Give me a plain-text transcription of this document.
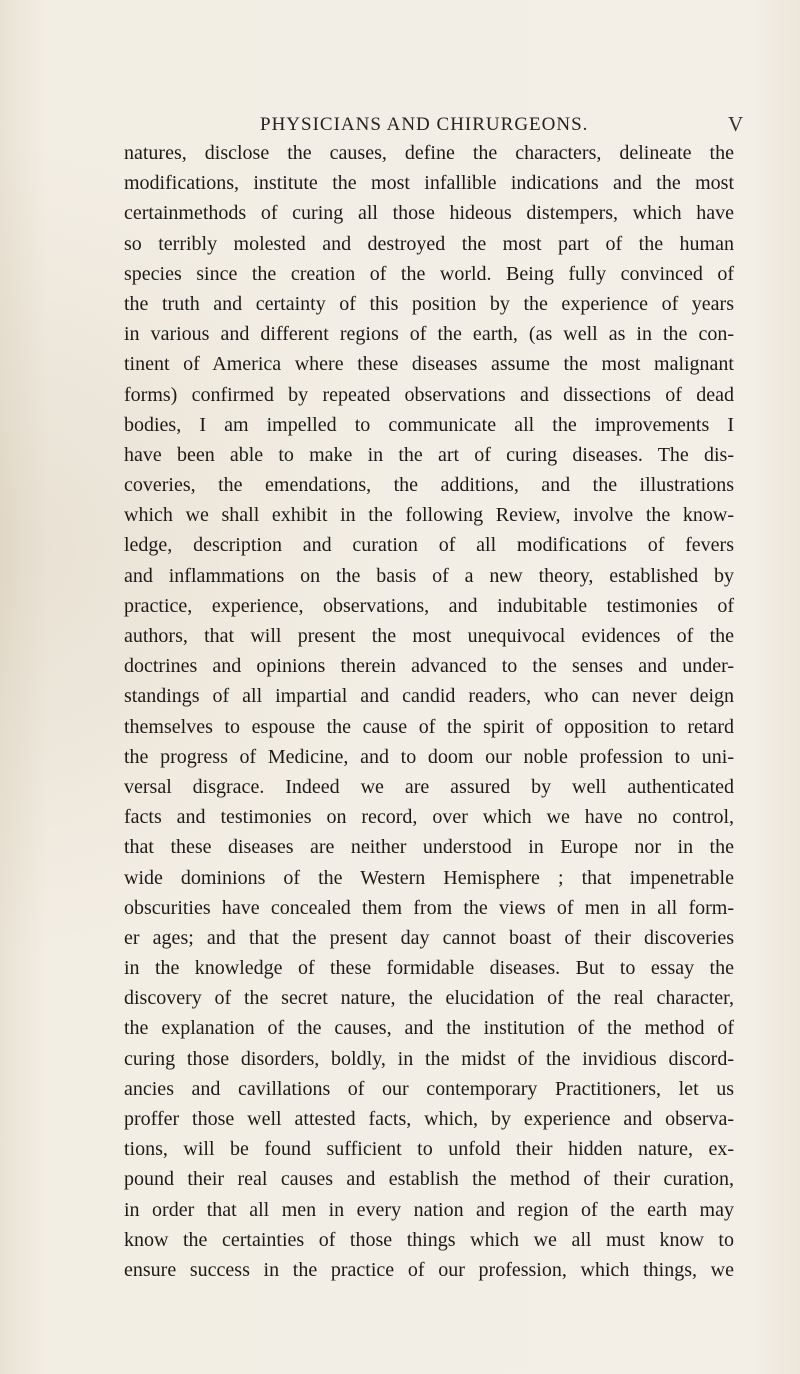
PHYSICIANS AND CHIRURGEONS.	V
natures, disclose the causes, define the characters, delineate the
modifications, institute the most infallible indications and the most
certainmethods of curing all those hideous distempers, which have
so terribly molested and destroyed the most part of the human
species since the creation of the world. Being fully convinced of
the truth and certainty of this position by the experience of years
in various and different regions of the earth, (as well as in the con-
tinent of America where these diseases assume the most malignant
forms) confirmed by repeated observations and dissections of dead
bodies, I am impelled to communicate all the improvements I
have been able to make in the art of curing diseases. The dis-
coveries, the emendations, the additions, and the illustrations
which we shall exhibit in the following Review, involve the know-
ledge, description and curation of all modifications of fevers
and inflammations on the basis of a new theory, established by
practice, experience, observations, and indubitable testimonies of
authors, that will present the most unequivocal evidences of the
doctrines and opinions therein advanced to the senses and under-
standings of all impartial and candid readers, who can never deign
themselves to espouse the cause of the spirit of opposition to retard
the progress of Medicine, and to doom our noble profession to uni-
versal disgrace. Indeed we are assured by well authenticated
facts and testimonies on record, over which we have no control,
that these diseases are neither understood in Europe nor in the
wide dominions of the Western Hemisphere ; that impenetrable
obscurities have concealed them from the views of men in all form-
er ages; and that the present day cannot boast of their discoveries
in the knowledge of these formidable diseases. But to essay the
discovery of the secret nature, the elucidation of the real character,
the explanation of the causes, and the institution of the method of
curing those disorders, boldly, in the midst of the invidious discord-
ancies and cavillations of our contemporary Practitioners, let us
proffer those well attested facts, which, by experience and observa-
tions, will be found sufficient to unfold their hidden nature, ex-
pound their real causes and establish the method of their curation,
in order that all men in every nation and region of the earth may
know the certainties of those things which we all must know to
ensure success in the practice of our profession, which things, we
